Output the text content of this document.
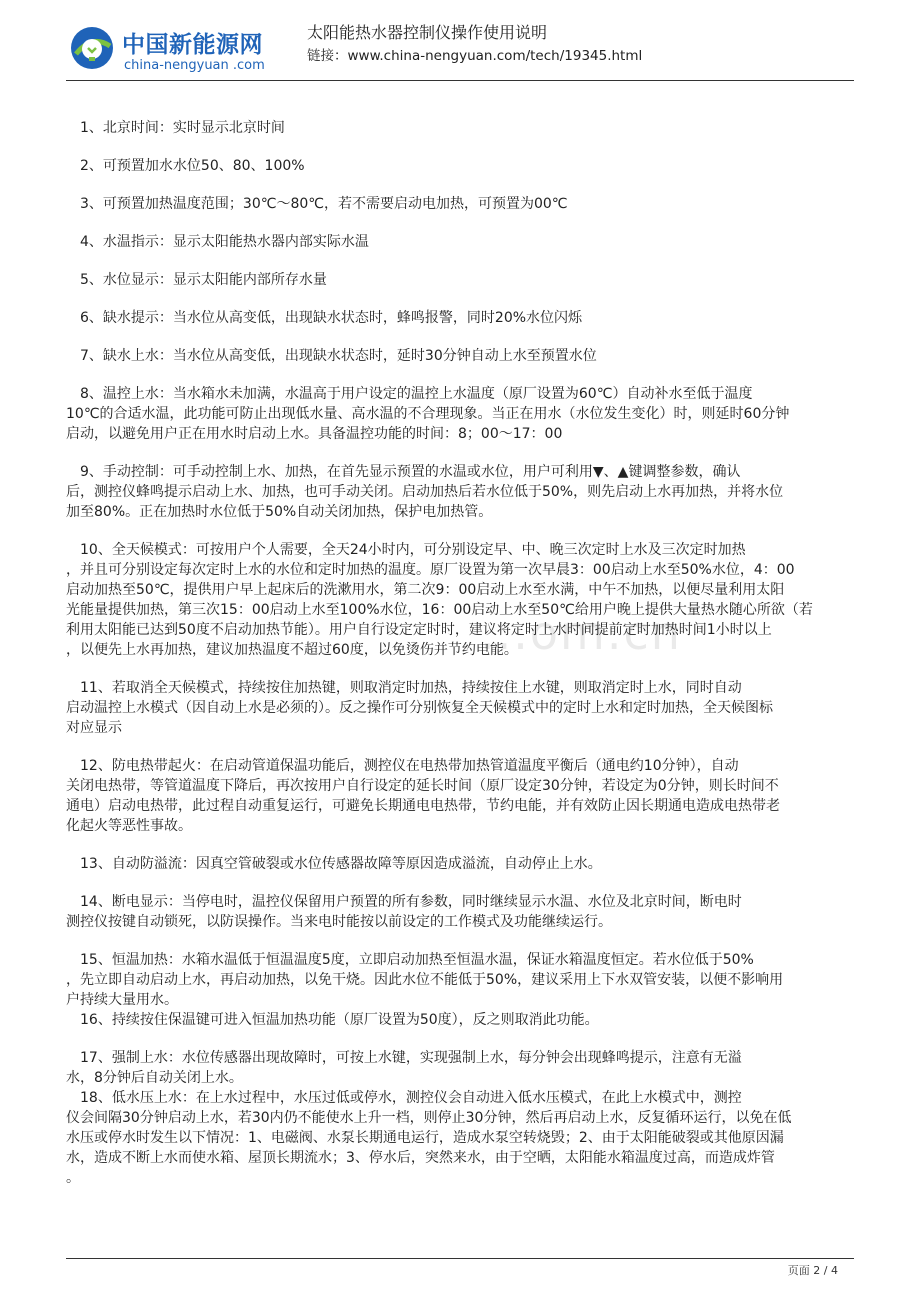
中国新能源网
china-nengyuan .com
太阳能热水器控制仪操作使用说明
链接：www.china-nengyuan.com/tech/19345.html
...om.cn

1、北京时间：实时显示北京时间

2、可预置加水水位50、80、100%

3、可预置加热温度范围；30℃～80℃，若不需要启动电加热，可预置为00℃

4、水温指示：显示太阳能热水器内部实际水温

5、水位显示：显示太阳能内部所存水量

6、缺水提示：当水位从高变低，出现缺水状态时，蜂鸣报警，同时20%水位闪烁

7、缺水上水：当水位从高变低，出现缺水状态时，延时30分钟自动上水至预置水位

8、温控上水：当水箱水未加满，水温高于用户设定的温控上水温度（原厂设置为60℃）自动补水至低于温度
10℃的合适水温，此功能可防止出现低水量、高水温的不合理现象。当正在用水（水位发生变化）时，则延时60分钟
启动，以避免用户正在用水时启动上水。具备温控功能的时间：8；00～17：00

9、手动控制：可手动控制上水、加热，在首先显示预置的水温或水位，用户可利用▼、▲键调整参数，确认
后，测控仪蜂鸣提示启动上水、加热，也可手动关闭。启动加热后若水位低于50%，则先启动上水再加热，并将水位
加至80%。正在加热时水位低于50%自动关闭加热，保护电加热管。

10、全天候模式：可按用户个人需要，全天24小时内，可分别设定早、中、晚三次定时上水及三次定时加热
，并且可分别设定每次定时上水的水位和定时加热的温度。原厂设置为第一次早晨3：00启动上水至50%水位，4：00
启动加热至50℃，提供用户早上起床后的洗漱用水，第二次9：00启动上水至水满，中午不加热，以便尽量利用太阳
光能量提供加热，第三次15：00启动上水至100%水位，16：00启动上水至50℃给用户晚上提供大量热水随心所欲（若
利用太阳能已达到50度不启动加热节能）。用户自行设定定时时，建议将定时上水时间提前定时加热时间1小时以上
，以便先上水再加热，建议加热温度不超过60度，以免烫伤并节约电能。

11、若取消全天候模式，持续按住加热键，则取消定时加热，持续按住上水键，则取消定时上水，同时自动
启动温控上水模式（因自动上水是必须的）。反之操作可分别恢复全天候模式中的定时上水和定时加热，全天候图标
对应显示

12、防电热带起火：在启动管道保温功能后，测控仪在电热带加热管道温度平衡后（通电约10分钟），自动
关闭电热带，等管道温度下降后，再次按用户自行设定的延长时间（原厂设定30分钟，若设定为0分钟，则长时间不
通电）启动电热带，此过程自动重复运行，可避免长期通电电热带，节约电能，并有效防止因长期通电造成电热带老
化起火等恶性事故。

13、自动防溢流：因真空管破裂或水位传感器故障等原因造成溢流，自动停止上水。

14、断电显示：当停电时，温控仪保留用户预置的所有参数，同时继续显示水温、水位及北京时间，断电时
测控仪按键自动锁死，以防误操作。当来电时能按以前设定的工作模式及功能继续运行。

15、恒温加热：水箱水温低于恒温温度5度，立即启动加热至恒温水温，保证水箱温度恒定。若水位低于50%
，先立即自动启动上水，再启动加热，以免干烧。因此水位不能低于50%，建议采用上下水双管安装，以便不影响用
户持续大量用水。

16、持续按住保温键可进入恒温加热功能（原厂设置为50度），反之则取消此功能。

17、强制上水：水位传感器出现故障时，可按上水键，实现强制上水，每分钟会出现蜂鸣提示，注意有无溢
水，8分钟后自动关闭上水。

18、低水压上水：在上水过程中，水压过低或停水，测控仪会自动进入低水压模式，在此上水模式中，测控
仪会间隔30分钟启动上水，若30内仍不能使水上升一档，则停止30分钟，然后再启动上水，反复循环运行，以免在低
水压或停水时发生以下情况：1、电磁阀、水泵长期通电运行，造成水泵空转烧毁；2、由于太阳能破裂或其他原因漏
水，造成不断上水而使水箱、屋顶长期流水；3、停水后，突然来水，由于空晒，太阳能水箱温度过高，而造成炸管
。

页面 2 / 4
